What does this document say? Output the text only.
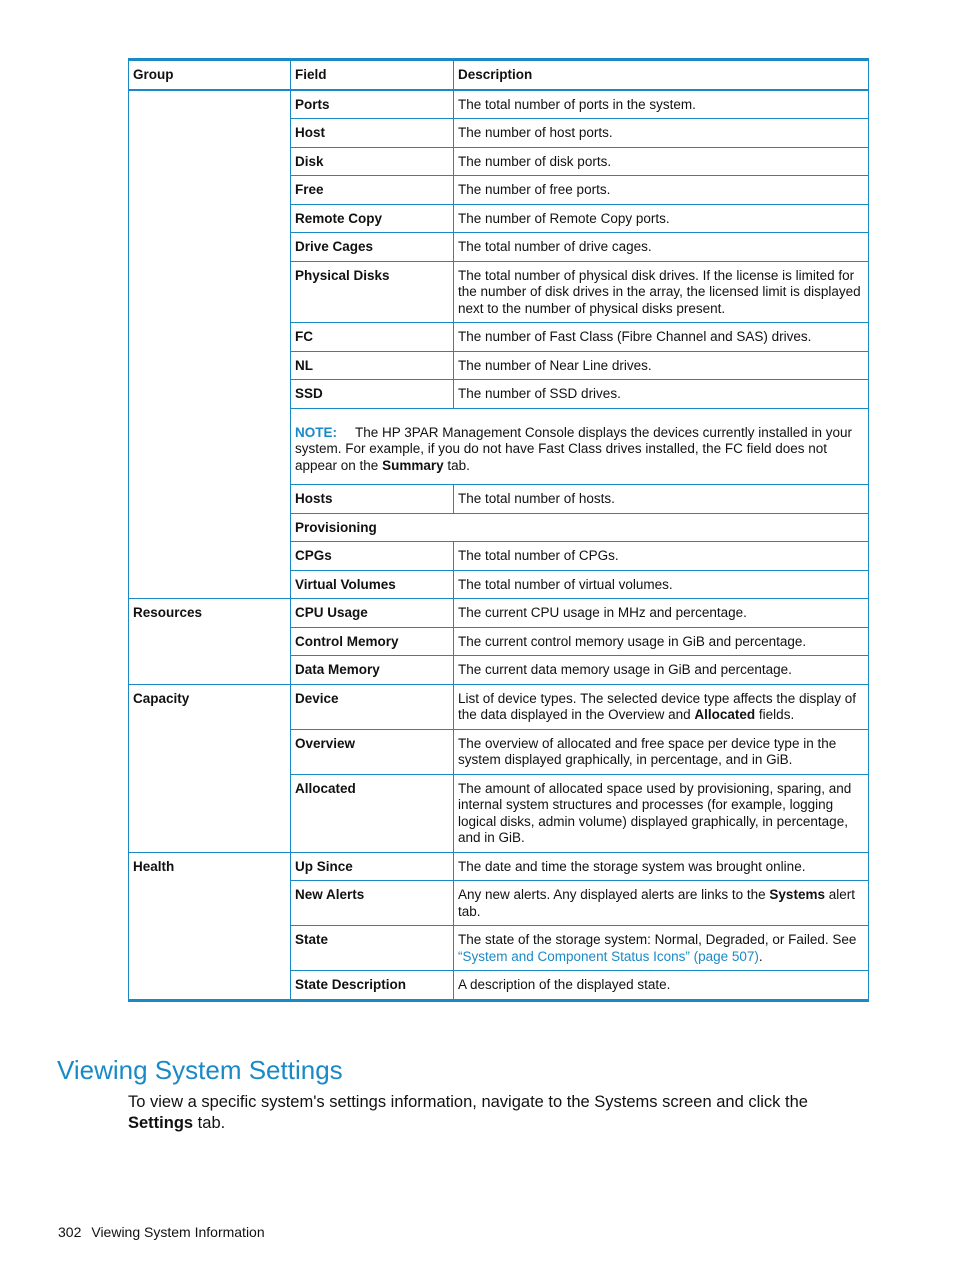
Group	Field	Description
	Ports	The total number of ports in the system.
	Host	The number of host ports.
	Disk	The number of disk ports.
	Free	The number of free ports.
	Remote Copy	The number of Remote Copy ports.
	Drive Cages	The total number of drive cages.
	Physical Disks	The total number of physical disk drives. If the license is limited for the number of disk drives in the array, the licensed limit is displayed next to the number of physical disks present.
	FC	The number of Fast Class (Fibre Channel and SAS) drives.
	NL	The number of Near Line drives.
	SSD	The number of SSD drives.
	NOTE: The HP 3PAR Management Console displays the devices currently installed in your system. For example, if you do not have Fast Class drives installed, the FC field does not appear on the Summary tab.	
	Hosts	The total number of hosts.
	Provisioning	
	CPGs	The total number of CPGs.
	Virtual Volumes	The total number of virtual volumes.
Resources	CPU Usage	The current CPU usage in MHz and percentage.
	Control Memory	The current control memory usage in GiB and percentage.
	Data Memory	The current data memory usage in GiB and percentage.
Capacity	Device	List of device types. The selected device type affects the display of the data displayed in the Overview and Allocated fields.
	Overview	The overview of allocated and free space per device type in the system displayed graphically, in percentage, and in GiB.
	Allocated	The amount of allocated space used by provisioning, sparing, and internal system structures and processes (for example, logging logical disks, admin volume) displayed graphically, in percentage, and in GiB.
Health	Up Since	The date and time the storage system was brought online.
	New Alerts	Any new alerts. Any displayed alerts are links to the Systems alert tab.
	State	The state of the storage system: Normal, Degraded, or Failed. See “System and Component Status Icons” (page 507).
	State Description	A description of the displayed state.
Viewing System Settings

To view a specific system's settings information, navigate to the Systems screen and click the Settings tab.

302 Viewing System Information
